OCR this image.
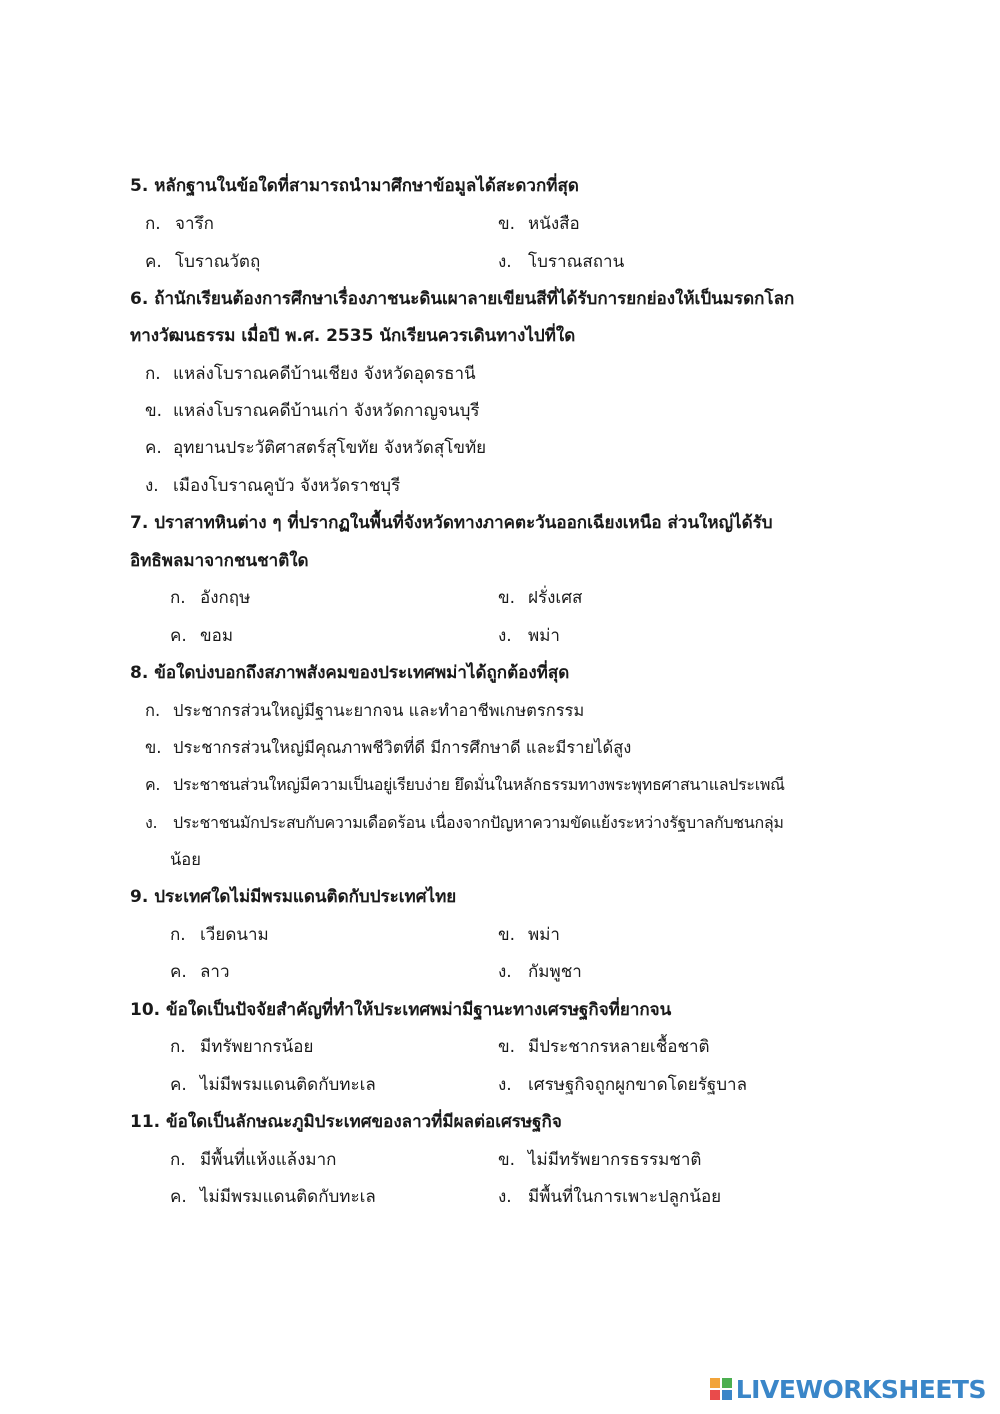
5. หลักฐานในข้อใดที่สามารถนำมาศึกษาข้อมูลได้สะดวกที่สุด
ก. จารึก	ข. หนังสือ
ค. โบราณวัตถุ	ง. โบราณสถาน
6. ถ้านักเรียนต้องการศึกษาเรื่องภาชนะดินเผาลายเขียนสีที่ได้รับการยกย่องให้เป็นมรดกโลก
ทางวัฒนธรรม เมื่อปี พ.ศ. 2535 นักเรียนควรเดินทางไปที่ใด
ก. แหล่งโบราณคดีบ้านเชียง จังหวัดอุดรธานี
ข. แหล่งโบราณคดีบ้านเก่า จังหวัดกาญจนบุรี
ค. อุทยานประวัติศาสตร์สุโขทัย จังหวัดสุโขทัย
ง. เมืองโบราณคูบัว จังหวัดราชบุรี
7. ปราสาทหินต่าง ๆ ที่ปรากฏในพื้นที่จังหวัดทางภาคตะวันออกเฉียงเหนือ ส่วนใหญ่ได้รับ
อิทธิพลมาจากชนชาติใด
ก. อังกฤษ	ข. ฝรั่งเศส
ค. ขอม	ง. พม่า
8. ข้อใดบ่งบอกถึงสภาพสังคมของประเทศพม่าได้ถูกต้องที่สุด
ก. ประชากรส่วนใหญ่มีฐานะยากจน และทำอาชีพเกษตรกรรม
ข. ประชากรส่วนใหญ่มีคุณภาพชีวิตที่ดี มีการศึกษาดี และมีรายได้สูง
ค. ประชาชนส่วนใหญ่มีความเป็นอยู่เรียบง่าย ยึดมั่นในหลักธรรมทางพระพุทธศาสนาแลประเพณี
ง. ประชาชนมักประสบกับความเดือดร้อน เนื่องจากปัญหาความขัดแย้งระหว่างรัฐบาลกับชนกลุ่ม
น้อย
9. ประเทศใดไม่มีพรมแดนติดกับประเทศไทย
ก. เวียดนาม	ข. พม่า
ค. ลาว	ง. กัมพูชา
10. ข้อใดเป็นปัจจัยสำคัญที่ทำให้ประเทศพม่ามีฐานะทางเศรษฐกิจที่ยากจน
ก. มีทรัพยากรน้อย	ข. มีประชากรหลายเชื้อชาติ
ค. ไม่มีพรมแดนติดกับทะเล	ง. เศรษฐกิจถูกผูกขาดโดยรัฐบาล
11. ข้อใดเป็นลักษณะภูมิประเทศของลาวที่มีผลต่อเศรษฐกิจ
ก. มีพื้นที่แห้งแล้งมาก	ข. ไม่มีทรัพยากรธรรมชาติ
ค. ไม่มีพรมแดนติดกับทะเล	ง. มีพื้นที่ในการเพาะปลูกน้อย
LIVEWORKSHEETS
